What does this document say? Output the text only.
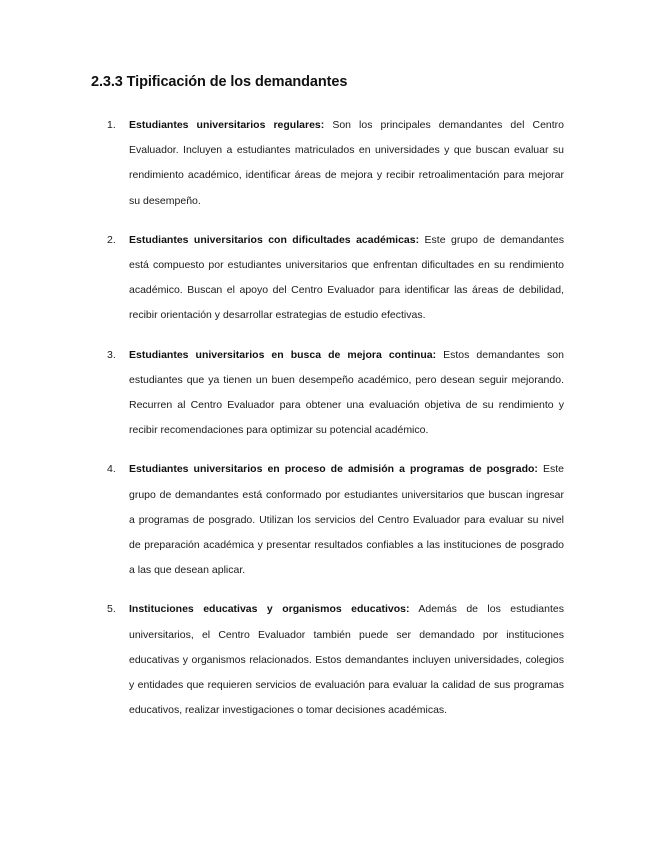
2.3.3 Tipificación de los demandantes
1. Estudiantes universitarios regulares: Son los principales demandantes del Centro Evaluador. Incluyen a estudiantes matriculados en universidades y que buscan evaluar su rendimiento académico, identificar áreas de mejora y recibir retroalimentación para mejorar su desempeño.
2. Estudiantes universitarios con dificultades académicas: Este grupo de demandantes está compuesto por estudiantes universitarios que enfrentan dificultades en su rendimiento académico. Buscan el apoyo del Centro Evaluador para identificar las áreas de debilidad, recibir orientación y desarrollar estrategias de estudio efectivas.
3. Estudiantes universitarios en busca de mejora continua: Estos demandantes son estudiantes que ya tienen un buen desempeño académico, pero desean seguir mejorando. Recurren al Centro Evaluador para obtener una evaluación objetiva de su rendimiento y recibir recomendaciones para optimizar su potencial académico.
4. Estudiantes universitarios en proceso de admisión a programas de posgrado: Este grupo de demandantes está conformado por estudiantes universitarios que buscan ingresar a programas de posgrado. Utilizan los servicios del Centro Evaluador para evaluar su nivel de preparación académica y presentar resultados confiables a las instituciones de posgrado a las que desean aplicar.
5. Instituciones educativas y organismos educativos: Además de los estudiantes universitarios, el Centro Evaluador también puede ser demandado por instituciones educativas y organismos relacionados. Estos demandantes incluyen universidades, colegios y entidades que requieren servicios de evaluación para evaluar la calidad de sus programas educativos, realizar investigaciones o tomar decisiones académicas.
